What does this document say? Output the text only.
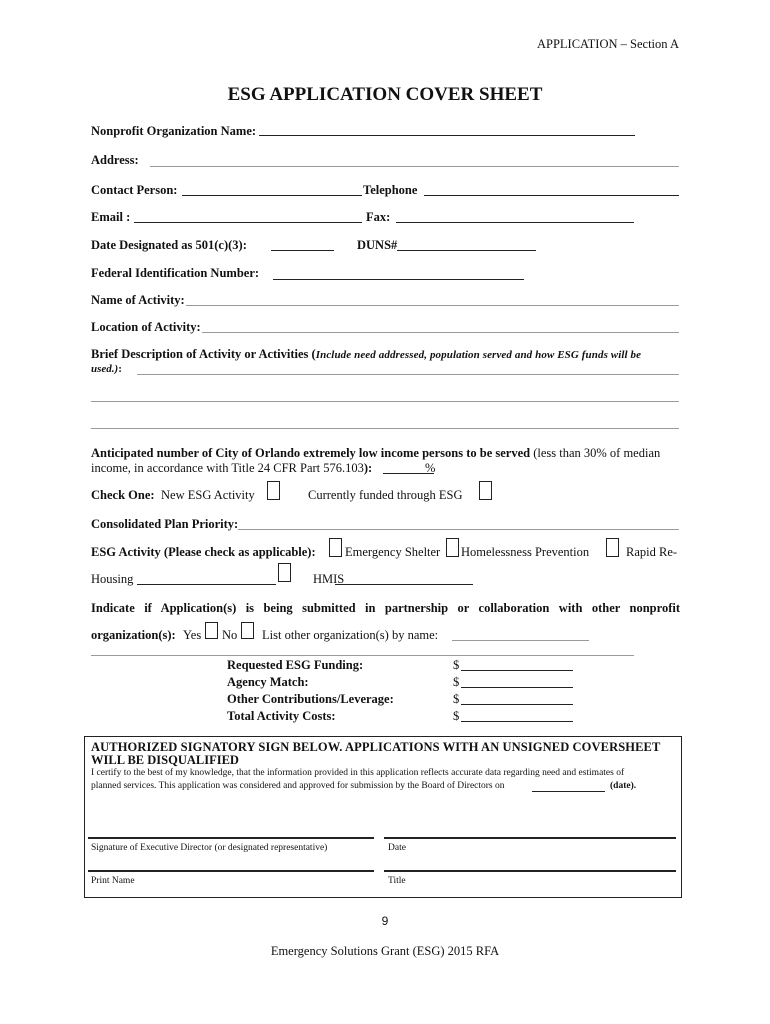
APPLICATION – Section A
ESG APPLICATION COVER SHEET
Nonprofit Organization Name:
Address:
Contact Person:	Telephone
Email :	Fax:
Date Designated as 501(c)(3):	DUNS#
Federal Identification Number:
Name of Activity:
Location of Activity:
Brief Description of Activity or Activities (Include need addressed, population served and how ESG funds will be
used.):
Anticipated number of City of Orlando extremely low income persons to be served (less than 30% of median
income, in accordance with Title 24 CFR Part 576.103):	%
Check One: New ESG Activity	Currently funded through ESG
Consolidated Plan Priority:
ESG Activity (Please check as applicable): Emergency Shelter Homelessness Prevention	Rapid Re-
Housing	HMIS
Indicate if Application(s) is being submitted in partnership or collaboration with other nonprofit
organization(s): Yes No List other organization(s) by name:
Requested ESG Funding:	$
Agency Match:	$
Other Contributions/Leverage:	$
Total Activity Costs:	$
AUTHORIZED SIGNATORY SIGN BELOW. APPLICATIONS WITH AN UNSIGNED COVERSHEET
WILL BE DISQUALIFIED
I certify to the best of my knowledge, that the information provided in this application reflects accurate data regarding need and estimates of
planned services. This application was considered and approved for submission by the Board of Directors on	(date).
Signature of Executive Director (or designated representative)	Date
Print Name	Title
9
Emergency Solutions Grant (ESG) 2015 RFA
